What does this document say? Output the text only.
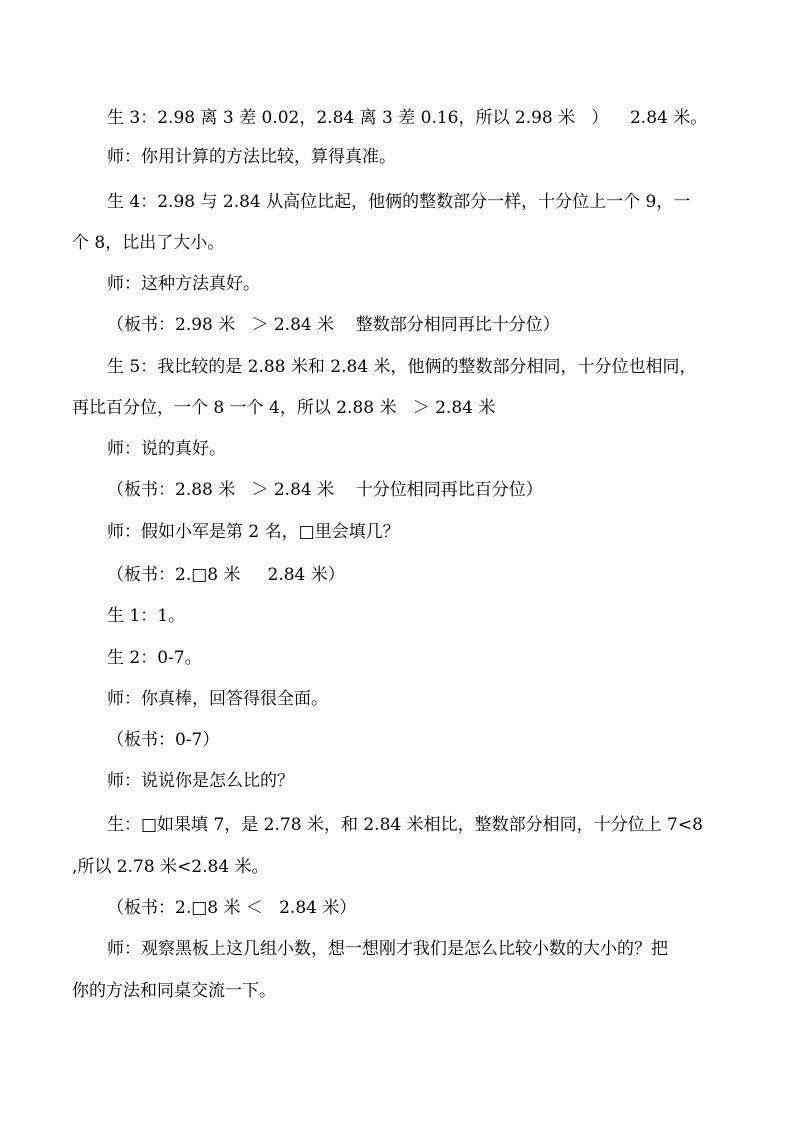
生 3：2.98 离 3 差 0.02，2.84 离 3 差 0.16，所以 2.98 米   ）    2.84 米。
师：你用计算的方法比较，算得真准。
生 4：2.98 与 2.84 从高位比起，他俩的整数部分一样，十分位上一个 9，一
个 8，比出了大小。
师：这种方法真好。
（板书：2.98 米   ＞ 2.84 米    整数部分相同再比十分位）
生 5：我比较的是 2.88 米和 2.84 米，他俩的整数部分相同，十分位也相同，
再比百分位，一个 8 一个 4，所以 2.88 米   ＞ 2.84 米
师：说的真好。
（板书：2.88 米   ＞ 2.84 米    十分位相同再比百分位）
师：假如小军是第 2 名，□里会填几？
（板书：2.□8 米     2.84 米）
生 1：1。
生 2：0-7。
师：你真棒，回答得很全面。
（板书：0-7）
师：说说你是怎么比的？
生：□如果填 7，是 2.78 米，和 2.84 米相比，整数部分相同，十分位上 7<8
,所以 2.78 米<2.84 米。
（板书：2.□8 米 ＜   2.84 米）
师：观察黑板上这几组小数，想一想刚才我们是怎么比较小数的大小的？把
你的方法和同桌交流一下。
